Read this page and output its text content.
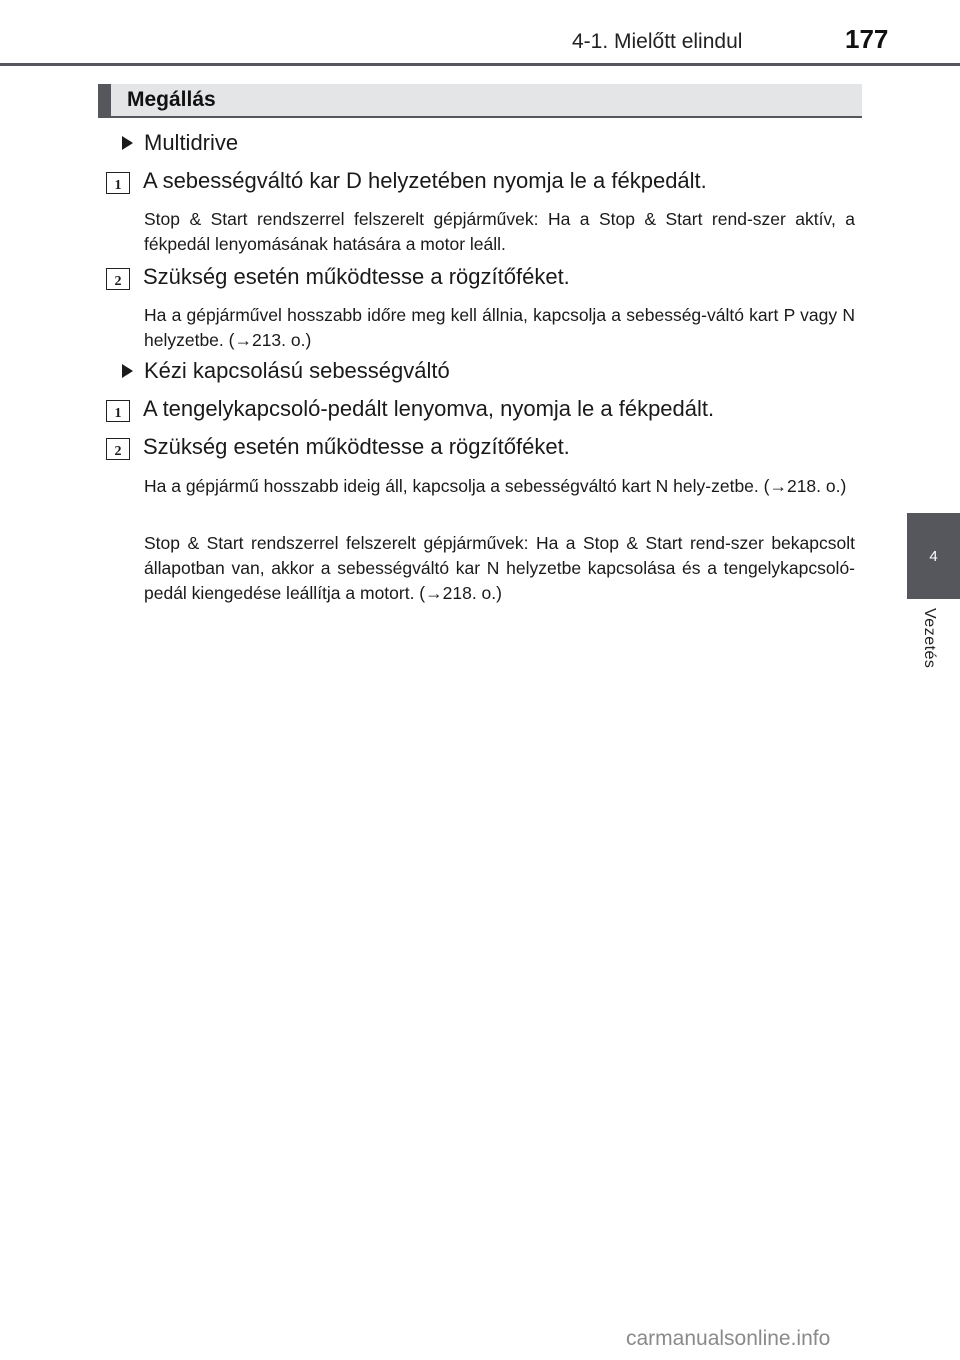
4-1. Mielőtt elindul	177
4
Vezetés
Megállás
Multidrive
1 A sebességváltó kar D helyzetében nyomja le a fékpedált.
Stop & Start rendszerrel felszerelt gépjárművek: Ha a Stop & Start rend-szer aktív, a fékpedál lenyomásának hatására a motor leáll.
2 Szükség esetén működtesse a rögzítőféket.
Ha a gépjárművel hosszabb időre meg kell állnia, kapcsolja a sebesség-váltó kart P vagy N helyzetbe. (→213. o.)
Kézi kapcsolású sebességváltó
1 A tengelykapcsoló-pedált lenyomva, nyomja le a fékpedált.
2 Szükség esetén működtesse a rögzítőféket.
Ha a gépjármű hosszabb ideig áll, kapcsolja a sebességváltó kart N hely-zetbe. (→218. o.)
Stop & Start rendszerrel felszerelt gépjárművek: Ha a Stop & Start rend-szer bekapcsolt állapotban van, akkor a sebességváltó kar N helyzetbe kapcsolása és a tengelykapcsoló-pedál kiengedése leállítja a motort. (→218. o.)
carmanualsonline.info
